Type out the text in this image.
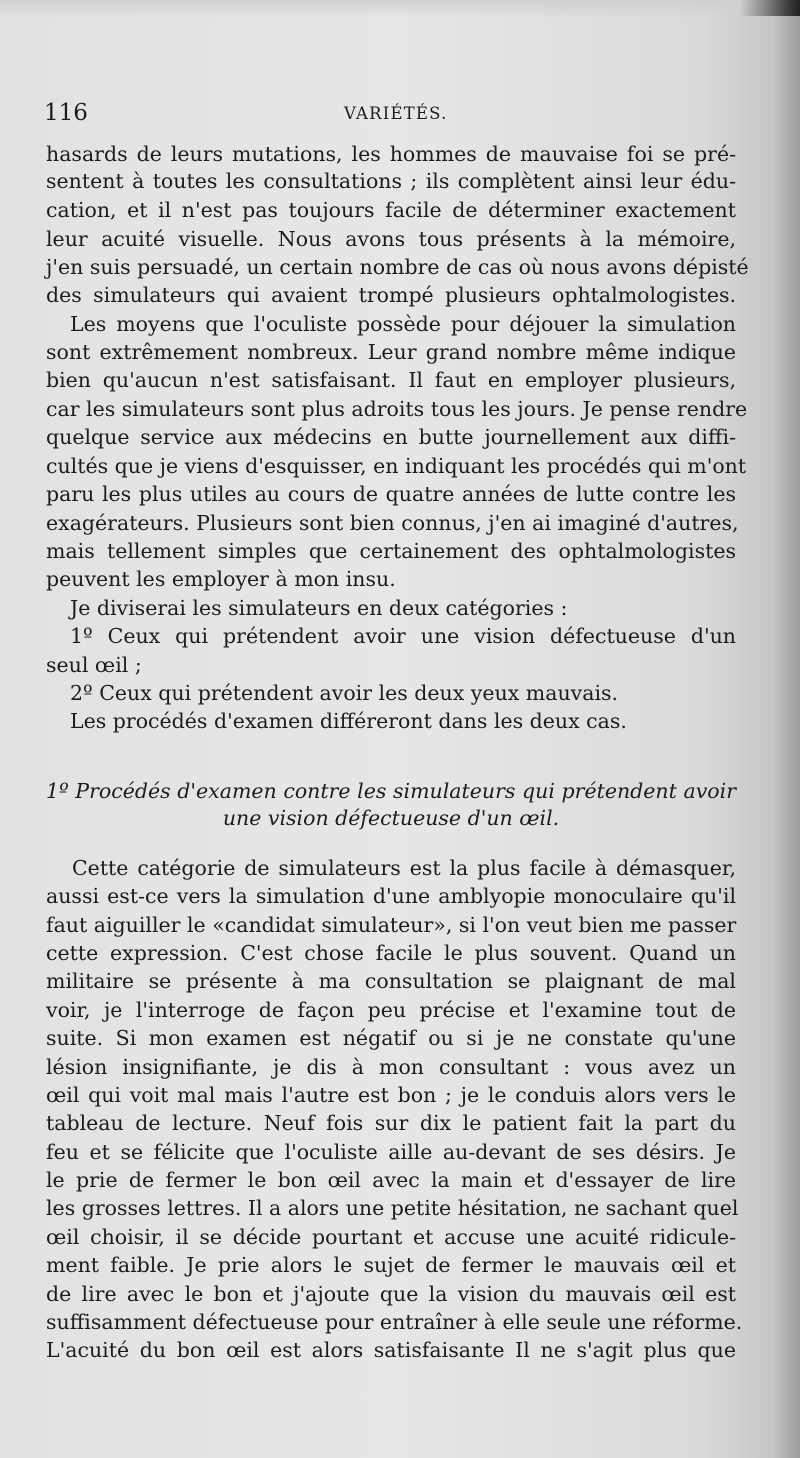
116	VARIÉTÉS.
hasards de leurs mutations, les hommes de mauvaise foi se pré-
sentent à toutes les consultations ; ils complètent ainsi leur édu-
cation, et il n'est pas toujours facile de déterminer exactement
leur acuité visuelle. Nous avons tous présents à la mémoire,
j'en suis persuadé, un certain nombre de cas où nous avons dépisté
des simulateurs qui avaient trompé plusieurs ophtalmologistes.
Les moyens que l'oculiste possède pour déjouer la simulation
sont extrêmement nombreux. Leur grand nombre même indique
bien qu'aucun n'est satisfaisant. Il faut en employer plusieurs,
car les simulateurs sont plus adroits tous les jours. Je pense rendre
quelque service aux médecins en butte journellement aux diffi-
cultés que je viens d'esquisser, en indiquant les procédés qui m'ont
paru les plus utiles au cours de quatre années de lutte contre les
exagérateurs. Plusieurs sont bien connus, j'en ai imaginé d'autres,
mais tellement simples que certainement des ophtalmologistes
peuvent les employer à mon insu.
Je diviserai les simulateurs en deux catégories :
1º Ceux qui prétendent avoir une vision défectueuse d'un
seul œil ;
2º Ceux qui prétendent avoir les deux yeux mauvais.
Les procédés d'examen différeront dans les deux cas.
1º Procédés d'examen contre les simulateurs qui prétendent avoir
une vision défectueuse d'un œil.
Cette catégorie de simulateurs est la plus facile à démasquer,
aussi est-ce vers la simulation d'une amblyopie monoculaire qu'il
faut aiguiller le «candidat simulateur», si l'on veut bien me passer
cette expression. C'est chose facile le plus souvent. Quand un
militaire se présente à ma consultation se plaignant de mal
voir, je l'interroge de façon peu précise et l'examine tout de
suite. Si mon examen est négatif ou si je ne constate qu'une
lésion insignifiante, je dis à mon consultant : vous avez un
œil qui voit mal mais l'autre est bon ; je le conduis alors vers le
tableau de lecture. Neuf fois sur dix le patient fait la part du
feu et se félicite que l'oculiste aille au-devant de ses désirs. Je
le prie de fermer le bon œil avec la main et d'essayer de lire
les grosses lettres. Il a alors une petite hésitation, ne sachant quel
œil choisir, il se décide pourtant et accuse une acuité ridicule-
ment faible. Je prie alors le sujet de fermer le mauvais œil et
de lire avec le bon et j'ajoute que la vision du mauvais œil est
suffisamment défectueuse pour entraîner à elle seule une réforme.
L'acuité du bon œil est alors satisfaisante Il ne s'agit plus que
